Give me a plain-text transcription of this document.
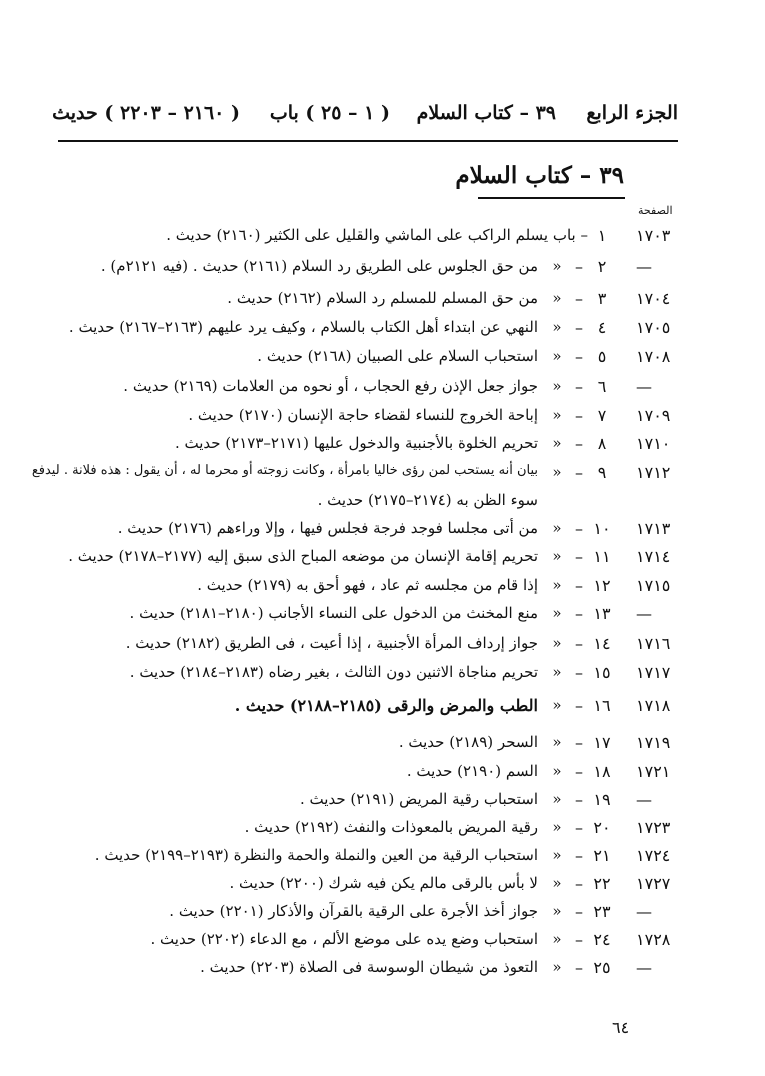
الجزء الرابع
٣٩ – كتاب السلام
( ١ – ٢٥ ) باب
( ٢١٦٠ – ٢٢٠٣ ) حديث
٣٩ – كتاب السلام
الصفحة
١٧٠٣
١
– باب يسلم الراكب على الماشي والقليل على الكثير (٢١٦٠) حديث .
—
٢
–
»
من حق الجلوس على الطريق رد السلام (٢١٦١) حديث . (فيه ٢١٢١م) .
١٧٠٤
٣
–
»
من حق المسلم للمسلم رد السلام (٢١٦٢) حديث .
١٧٠٥
٤
–
»
النهي عن ابتداء أهل الكتاب بالسلام ، وكيف يرد عليهم (٢١٦٣–٢١٦٧) حديث .
١٧٠٨
٥
–
»
استحباب السلام على الصبيان (٢١٦٨) حديث .
—
٦
–
»
جواز جعل الإذن رفع الحجاب ، أو نحوه من العلامات (٢١٦٩) حديث .
١٧٠٩
٧
–
»
إباحة الخروج للنساء لقضاء حاجة الإنسان (٢١٧٠) حديث .
١٧١٠
٨
–
»
تحريم الخلوة بالأجنبية والدخول عليها (٢١٧١–٢١٧٣) حديث .
١٧١٢
٩
–
»
بيان أنه يستحب لمن رؤى خاليا بامرأة ، وكانت زوجته أو محرما له ، أن يقول : هذه فلانة . ليدفع
١٧١٣
١٠
–
»
من أتى مجلسا فوجد فرجة فجلس فيها ، وإلا وراءهم (٢١٧٦) حديث .
١٧١٤
١١
–
»
تحريم إقامة الإنسان من موضعه المباح الذى سبق إليه (٢١٧٧–٢١٧٨) حديث .
١٧١٥
١٢
–
»
إذا قام من مجلسه ثم عاد ، فهو أحق به (٢١٧٩) حديث .
—
١٣
–
»
منع المخنث من الدخول على النساء الأجانب (٢١٨٠–٢١٨١) حديث .
١٧١٦
١٤
–
»
جواز إرداف المرأة الأجنبية ، إذا أعيت ، فى الطريق (٢١٨٢) حديث .
١٧١٧
١٥
–
»
تحريم مناجاة الاثنين دون الثالث ، بغير رضاه (٢١٨٣–٢١٨٤) حديث .
١٧١٨
١٦
–
»
الطب والمرض والرقى (٢١٨٥–٢١٨٨) حديث .
١٧١٩
١٧
–
»
السحر (٢١٨٩) حديث .
١٧٢١
١٨
–
»
السم (٢١٩٠) حديث .
—
١٩
–
»
استحباب رقية المريض (٢١٩١) حديث .
١٧٢٣
٢٠
–
»
رقية المريض بالمعوذات والنفث (٢١٩٢) حديث .
١٧٢٤
٢١
–
»
استحباب الرقية من العين والنملة والحمة والنظرة (٢١٩٣–٢١٩٩) حديث .
١٧٢٧
٢٢
–
»
لا بأس بالرقى مالم يكن فيه شرك (٢٢٠٠) حديث .
—
٢٣
–
»
جواز أخذ الأجرة على الرقية بالقرآن والأذكار (٢٢٠١) حديث .
١٧٢٨
٢٤
–
»
استحباب وضع يده على موضع الألم ، مع الدعاء (٢٢٠٢) حديث .
—
٢٥
–
»
التعوذ من شيطان الوسوسة فى الصلاة (٢٢٠٣) حديث .
سوء الظن به (٢١٧٤–٢١٧٥) حديث .
٦٤
